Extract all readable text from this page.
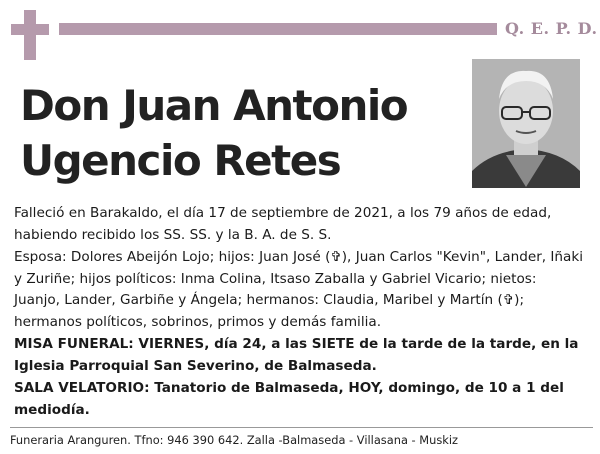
Q. E. P. D.
Don Juan Antonio
Ugencio Retes
Falleció en Barakaldo, el día 17 de septiembre de 2021, a los 79 años de edad, habiendo recibido los SS. SS. y la B. A. de S. S.
Esposa: Dolores Abeijón Lojo; hijos: Juan José (✞), Juan Carlos "Kevin", Lander, Iñaki y Zuriñe; hijos políticos: Inma Colina, Itsaso Zaballa y Gabriel Vicario; nietos: Juanjo, Lander, Garbiñe y Ángela; hermanos: Claudia, Maribel y Martín (✞); hermanos políticos, sobrinos, primos y demás familia.
MISA FUNERAL: VIERNES, día 24, a las SIETE de la tarde de la tarde, en la Iglesia Parroquial San Severino, de Balmaseda.
SALA VELATORIO: Tanatorio de Balmaseda, HOY, domingo, de 10 a 1 del mediodía.
Funeraria Aranguren. Tfno: 946 390 642. Zalla -Balmaseda - Villasana - Muskiz
